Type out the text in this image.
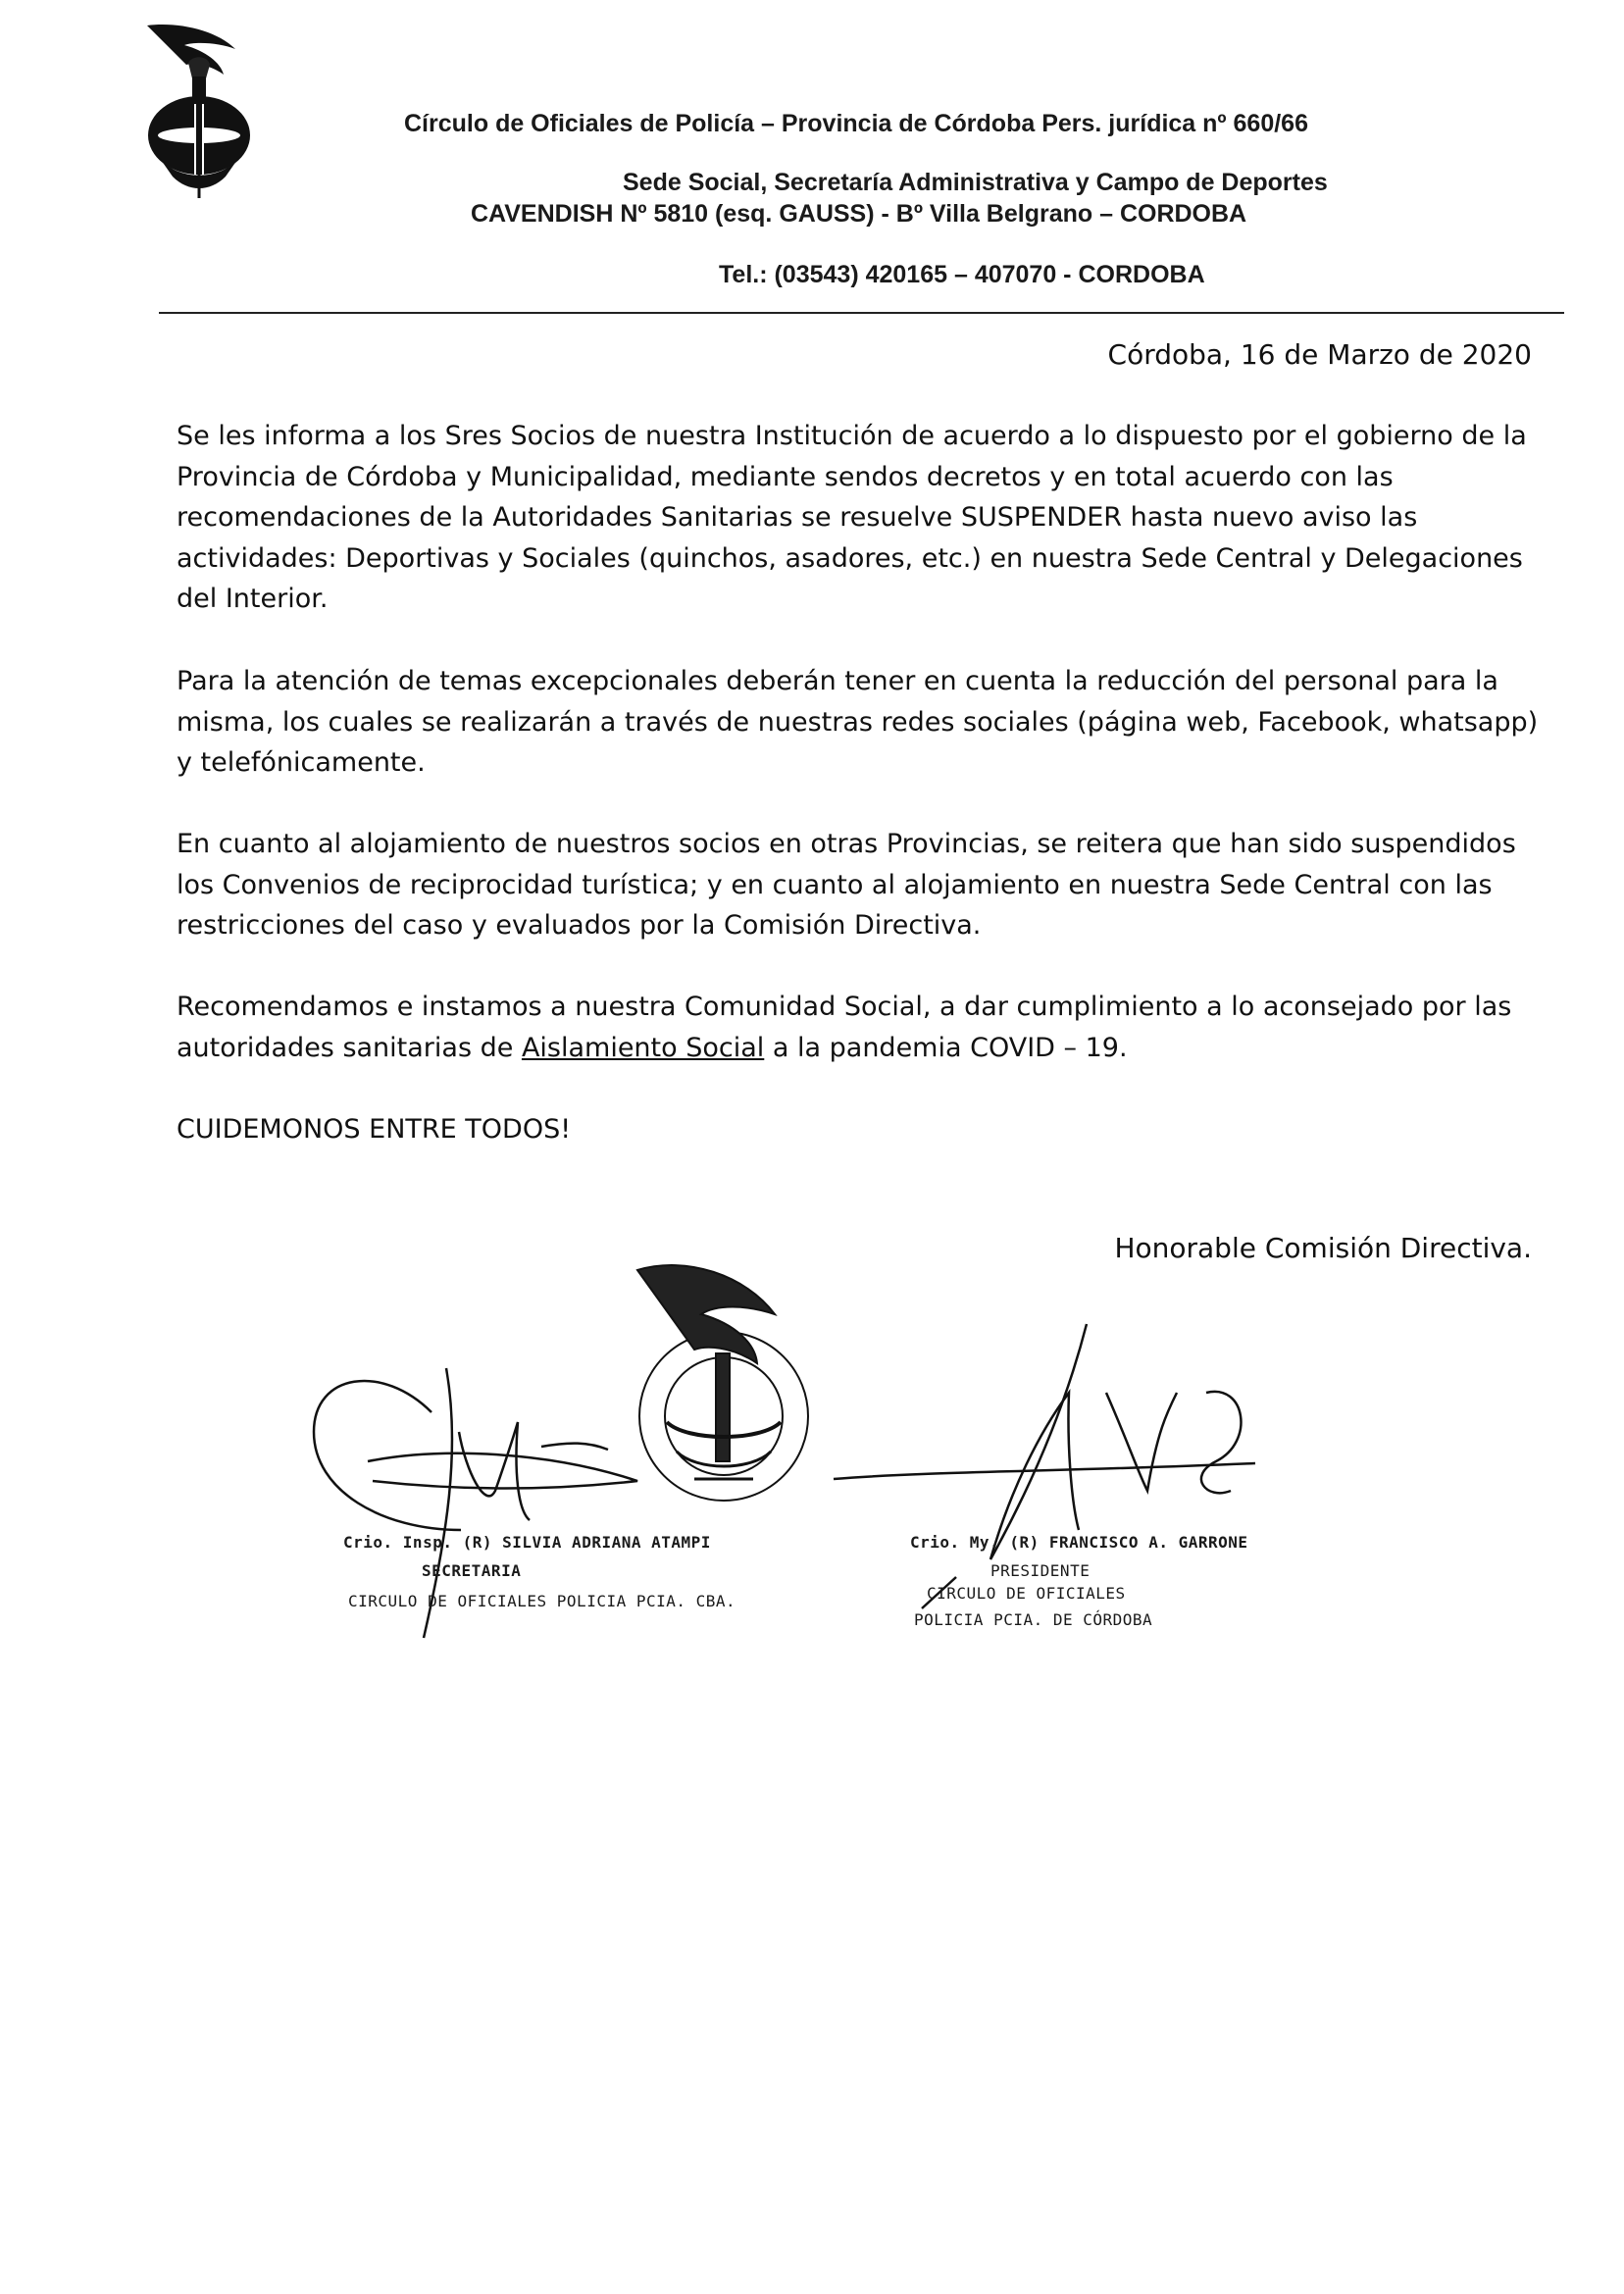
Círculo de Oficiales de Policía – Provincia de Córdoba Pers. jurídica nº 660/66
Sede Social, Secretaría Administrativa y Campo de Deportes
CAVENDISH Nº 5810 (esq. GAUSS) - Bº Villa Belgrano – CORDOBA
Tel.: (03543) 420165 – 407070 - CORDOBA
Córdoba, 16 de Marzo de 2020

Se les informa a los Sres Socios de nuestra Institución de acuerdo a lo dispuesto por el gobierno de la Provincia de Córdoba y Municipalidad, mediante sendos decretos y en total acuerdo con las recomendaciones de la Autoridades Sanitarias se resuelve SUSPENDER hasta nuevo aviso las actividades: Deportivas y Sociales (quinchos, asadores, etc.) en nuestra Sede Central y Delegaciones del Interior.

Para la atención de temas excepcionales deberán tener en cuenta la reducción del personal para la misma, los cuales se realizarán a través de nuestras redes sociales (página web, Facebook, whatsapp) y telefónicamente.

En cuanto al alojamiento de nuestros socios en otras Provincias, se reitera que han sido suspendidos los Convenios de reciprocidad turística; y en cuanto al alojamiento en nuestra Sede Central con las restricciones del caso y evaluados por la Comisión Directiva.

Recomendamos e instamos a nuestra Comunidad Social, a dar cumplimiento a lo aconsejado por las autoridades sanitarias de Aislamiento Social a la pandemia COVID – 19.

CUIDEMONOS ENTRE TODOS!

Honorable Comisión Directiva.
Crio. Insp. (R) SILVIA ADRIANA ATAMPI
SECRETARIA
CIRCULO DE OFICIALES POLICIA PCIA. CBA.
Crio. My. (R) FRANCISCO A. GARRONE
PRESIDENTE
CIRCULO DE OFICIALES
POLICIA PCIA. DE CÓRDOBA
